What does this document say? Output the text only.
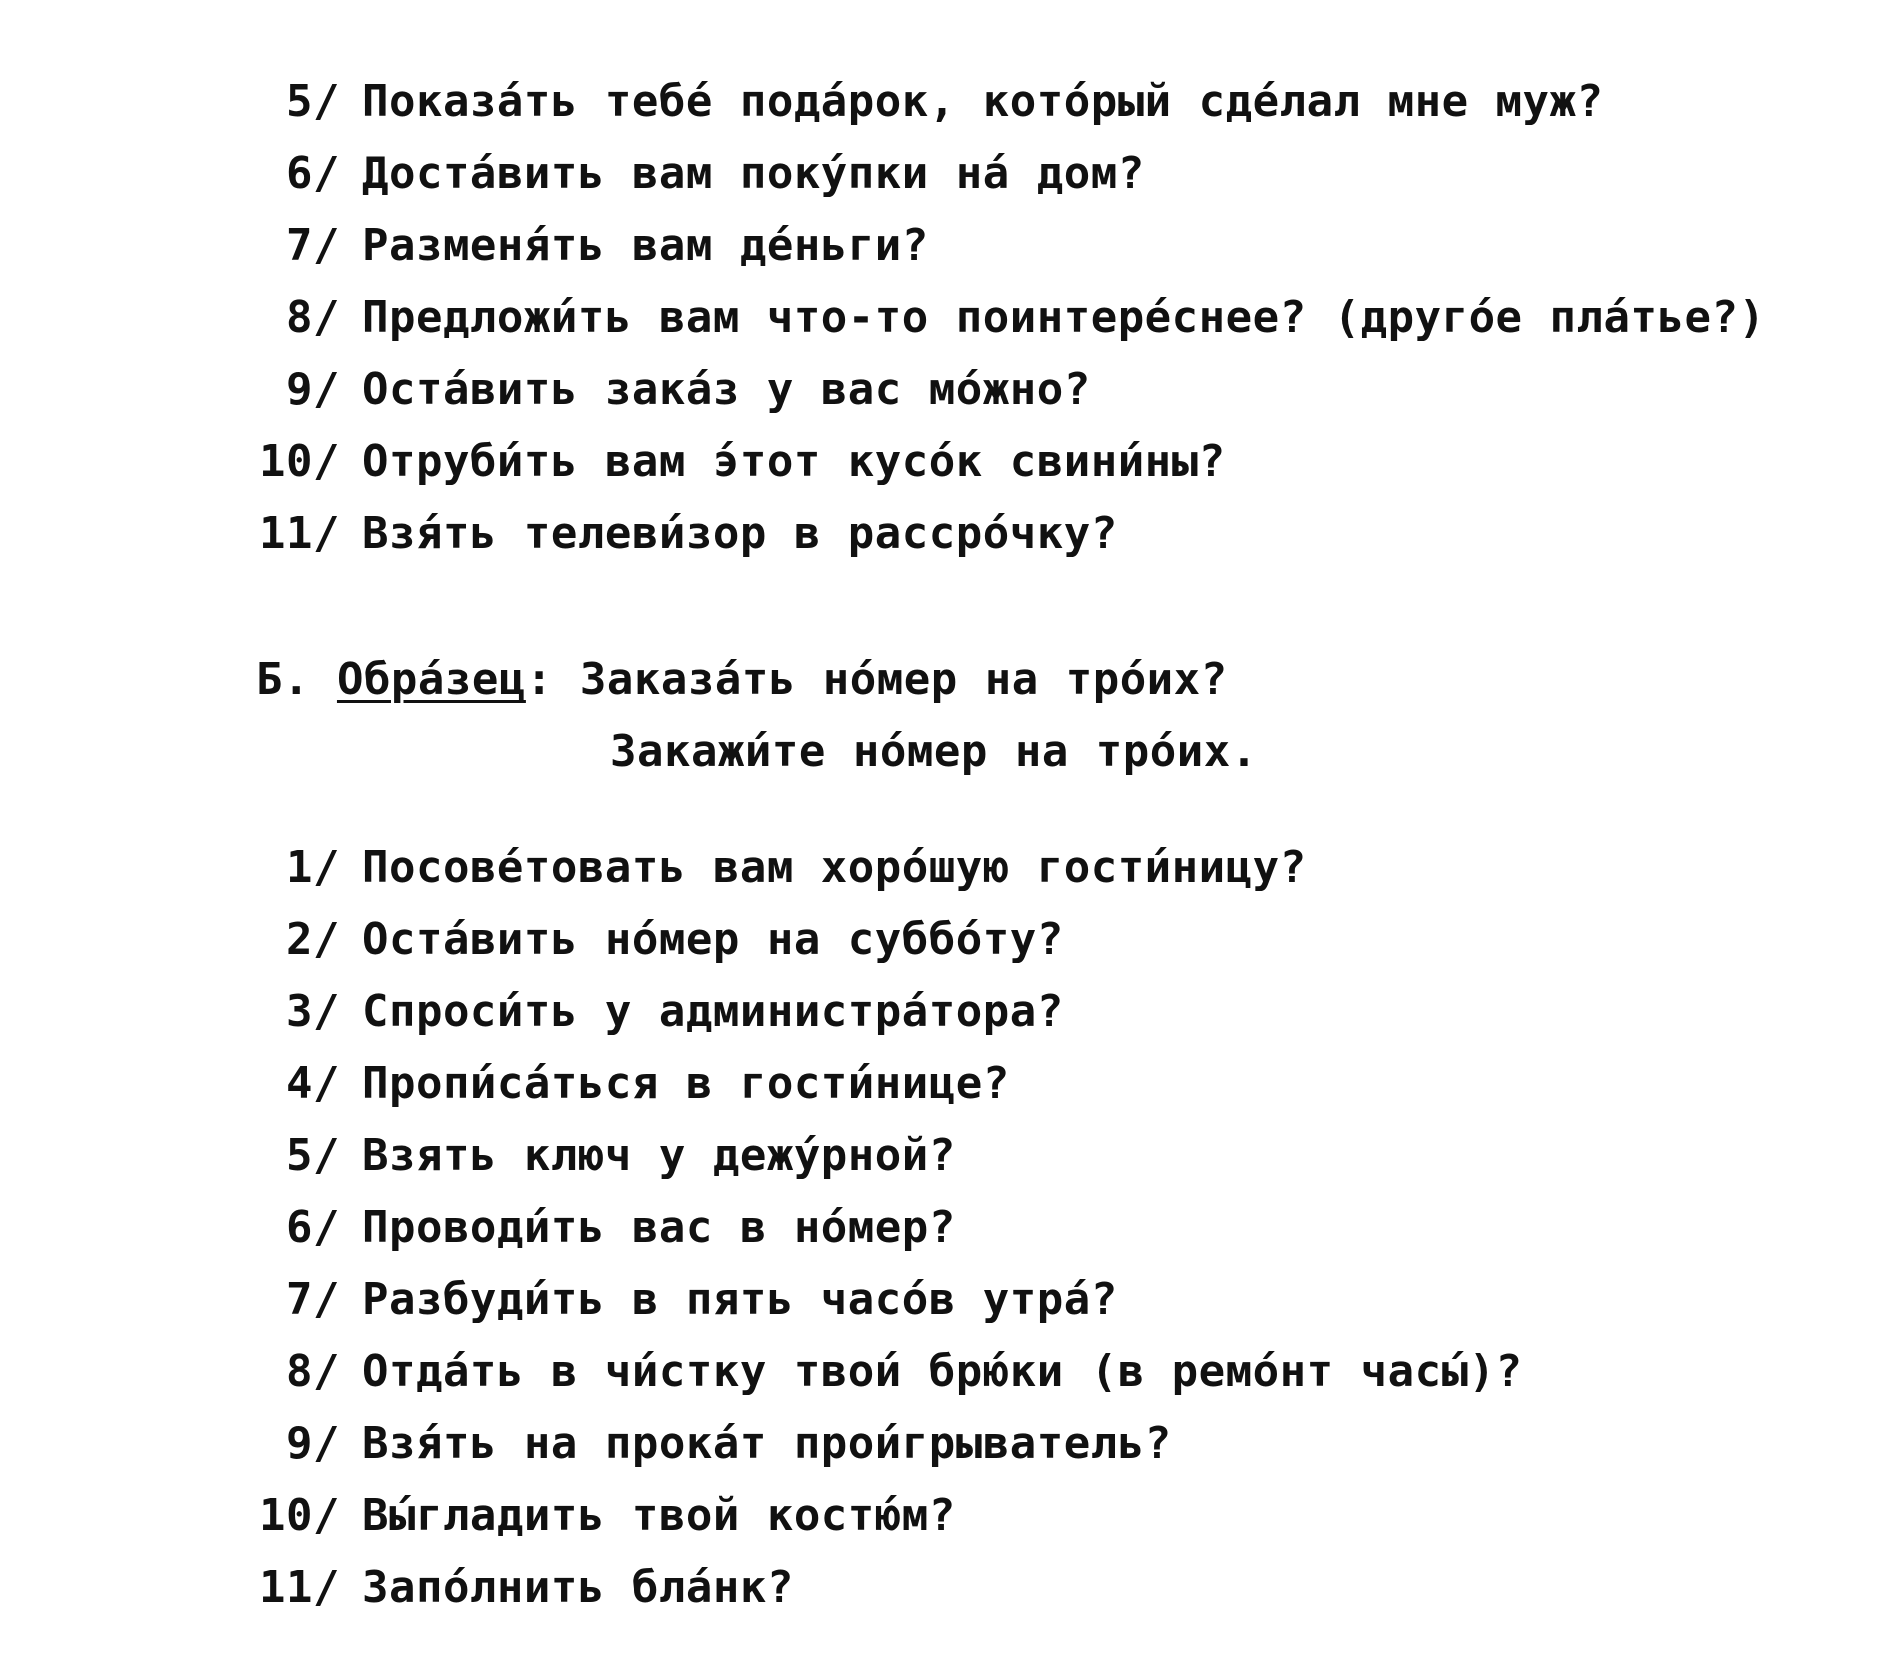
5/ Показа́ть тебе́ пода́рок, кото́рый сде́лал мне муж?

6/ Доста́вить вам поку́пки на́ дом?

7/ Разменя́ть вам де́ньги?

8/ Предложи́ть вам что-то поинтере́снее? (друго́е пла́тье?)

9/ Оста́вить зака́з у вас мо́жно?

10/ Отруби́ть вам э́тот кусо́к свини́ны?

11/ Взя́ть телеви́зор в рассро́чку?

Б. Обра́зец: Заказа́ть но́мер на тро́их?

Закажи́те но́мер на тро́их.

1/ Посове́товать вам хоро́шую гости́ницу?

2/ Оста́вить но́мер на суббо́ту?

3/ Спроси́ть у администра́тора?

4/ Пропи́са́ться в гости́нице?

5/ Взять ключ у дежу́рной?

6/ Проводи́ть вас в но́мер?

7/ Разбуди́ть в пять часо́в утра́?

8/ Отда́ть в чи́стку твои́ брю́ки (в ремо́нт часы́)?

9/ Взя́ть на прока́т прои́грыватель?

10/ Вы́гладить твой костю́м?

11/ Запо́лнить бла́нк?
